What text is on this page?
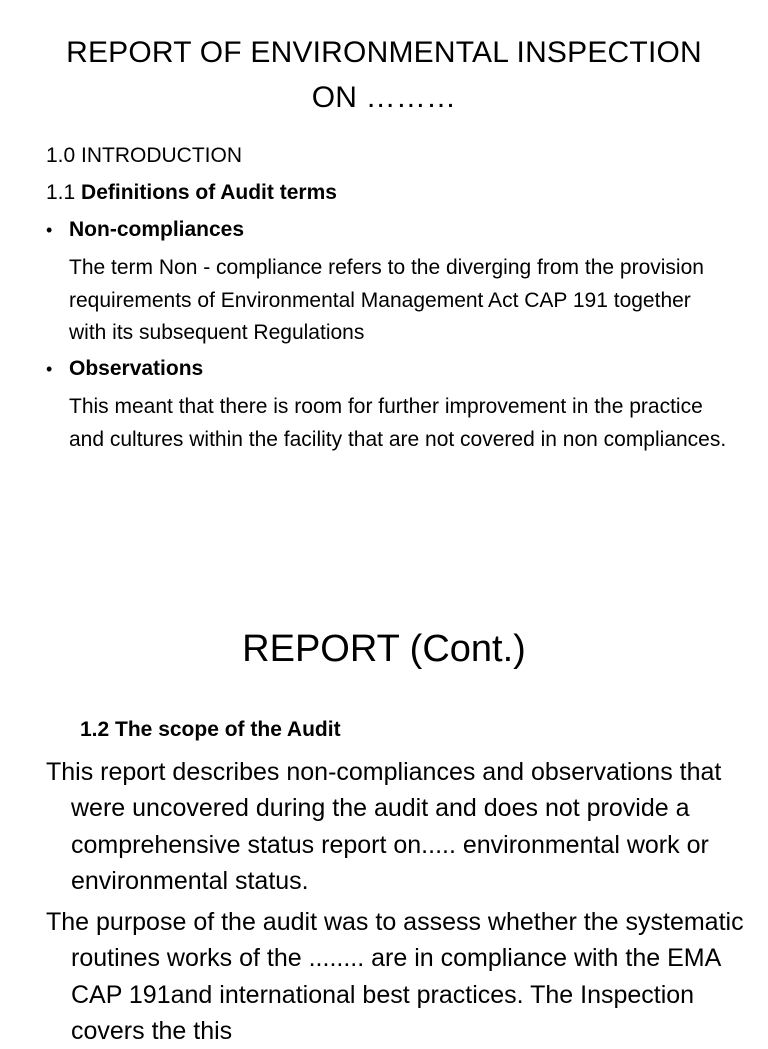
REPORT OF ENVIRONMENTAL INSPECTION ON ………
1.0 INTRODUCTION
1.1 Definitions of Audit terms
• Non-compliances
The term Non - compliance refers to the diverging from the provision requirements of Environmental Management Act CAP 191 together with its subsequent Regulations
• Observations
This meant that there is room for further improvement in the practice and cultures within the facility that are not covered in non compliances.
REPORT (Cont.)
1.2 The scope of the Audit
This report describes non-compliances and observations that were uncovered during the audit and does not provide a comprehensive status report on..... environmental work or environmental status.
The purpose of the audit was to assess whether the systematic routines works of the ........ are in compliance with the EMA CAP 191and international best practices. The Inspection covers the this
